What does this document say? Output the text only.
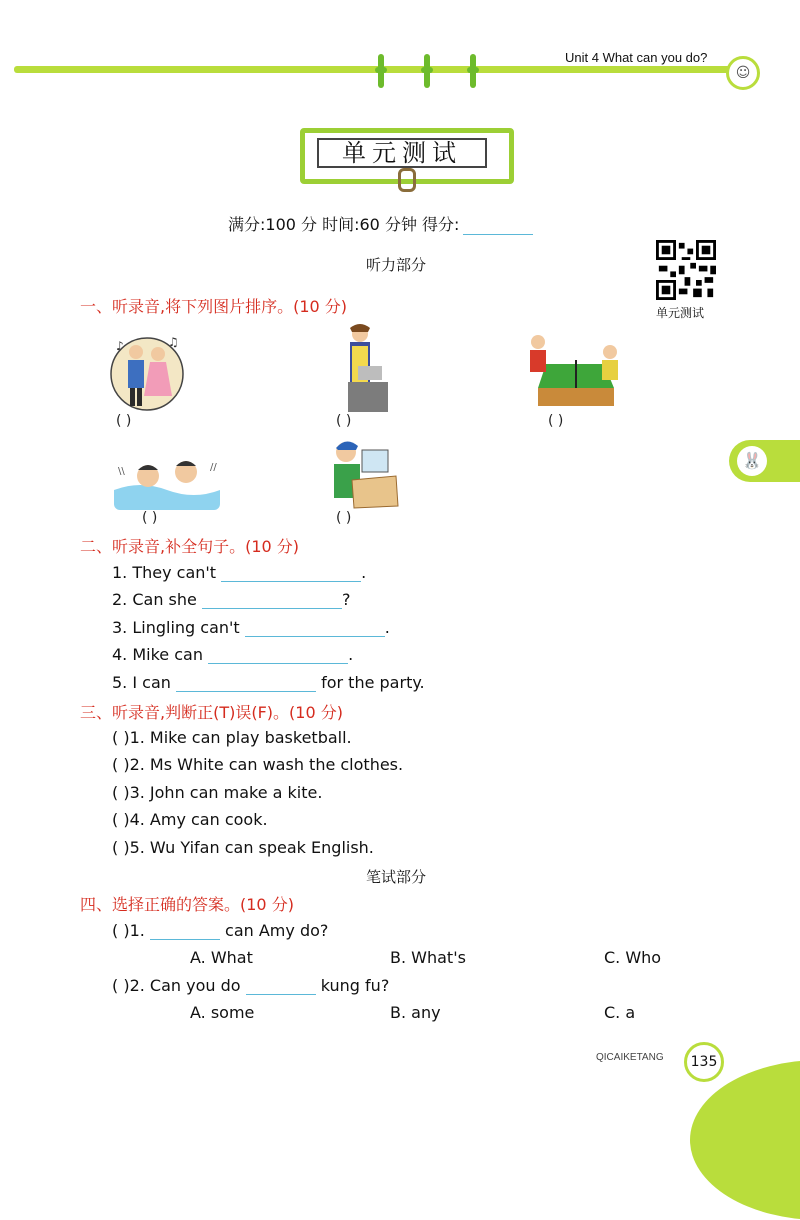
Unit 4 What can you do?
☺
单元测试
满分:100 分 时间:60 分钟 得分:
听力部分
单元测试
一、听录音,将下列图片排序。(10 分)
♪	♫
( )	( )	( )
\\	//
( )	( )
二、听录音,补全句子。(10 分)
1. They can't	.
2. Can she	?
3. Lingling can't	.
4. Mike can	.
5. I can	for the party.
三、听录音,判断正(T)误(F)。(10 分)
( )1. Mike can play basketball.
( )2. Ms White can wash the clothes.
( )3. John can make a kite.
( )4. Amy can cook.
( )5. Wu Yifan can speak English.
笔试部分
四、选择正确的答案。(10 分)
( )1.	can Amy do?
A. What	B. What's	C. Who
( )2. Can you do	kung fu?
A. some	B. any	C. a
🐰
QICAIKETANG	135
